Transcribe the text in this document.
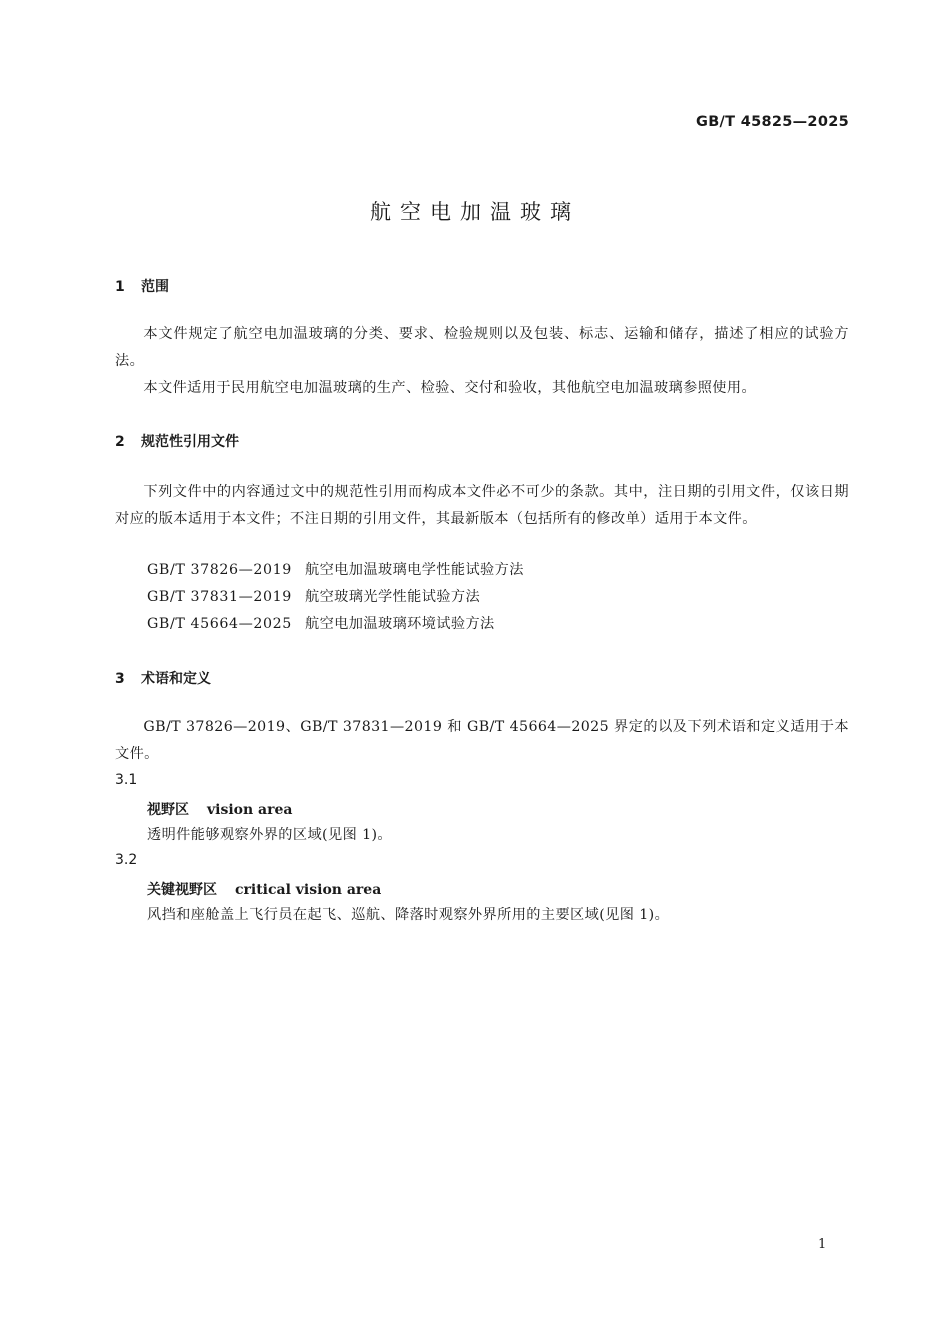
GB/T 45825—2025
航空电加温玻璃
1 范围
本文件规定了航空电加温玻璃的分类、要求、检验规则以及包装、标志、运输和储存，描述了相应的试验方法。
本文件适用于民用航空电加温玻璃的生产、检验、交付和验收，其他航空电加温玻璃参照使用。
2 规范性引用文件
下列文件中的内容通过文中的规范性引用而构成本文件必不可少的条款。其中，注日期的引用文件，仅该日期对应的版本适用于本文件；不注日期的引用文件，其最新版本（包括所有的修改单）适用于本文件。
GB/T 37826—2019 航空电加温玻璃电学性能试验方法
GB/T 37831—2019 航空玻璃光学性能试验方法
GB/T 45664—2025 航空电加温玻璃环境试验方法
3 术语和定义
GB/T 37826—2019、GB/T 37831—2019 和 GB/T 45664—2025 界定的以及下列术语和定义适用于本文件。
3.1
视野区 vision area
透明件能够观察外界的区域(见图 1)。
3.2
关键视野区 critical vision area
风挡和座舱盖上飞行员在起飞、巡航、降落时观察外界所用的主要区域(见图 1)。
1
